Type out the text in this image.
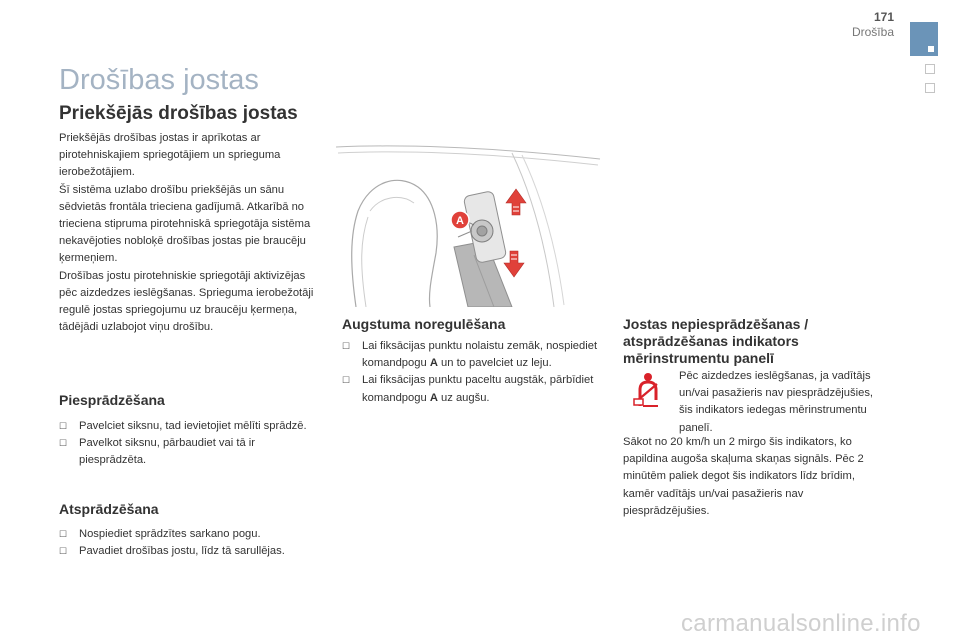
171
Drošība
Drošības jostas
Priekšējās drošības jostas

Priekšējās drošības jostas ir aprīkotas ar pirotehniskajiem spriegotājiem un sprieguma ierobežotājiem.

Šī sistēma uzlabo drošību priekšējās un sānu sēdvietās frontāla trieciena gadījumā. Atkarībā no trieciena stipruma pirotehniskā spriegotāja sistēma nekavējoties nobloķē drošības jostas pie braucēju ķermeņiem.

Drošības jostu pirotehniskie spriegotāji aktivizējas pēc aizdedzes ieslēgšanas. Sprieguma ierobežotāji regulē jostas spriegojumu uz braucēju ķermeņa, tādējādi uzlabojot viņu drošību.

Piesprādzēšana
☐ Pavelciet siksnu, tad ievietojiet mēlīti sprādzē.
☐ Pavelkot siksnu, pārbaudiet vai tā ir piesprādzēta.
Atsprādzēšana
☐ Nospiediet sprādzītes sarkano pogu.
☐ Pavadiet drošības jostu, līdz tā sarullējas.
A
Augstuma noregulēšana
☐ Lai fiksācijas punktu nolaistu zemāk, nospiediet komandpogu A un to pavelciet uz leju.
☐ Lai fiksācijas punktu paceltu augstāk, pārbīdiet komandpogu A uz augšu.
Jostas nepiesprādzēšanas / atsprādzēšanas indikators mērinstrumentu panelī

Pēc aizdedzes ieslēgšanas, ja vadītājs un/vai pasažieris nav piesprādzējušies, šis indikators iedegas mērinstrumentu panelī.

Sākot no 20 km/h un 2 mirgo šis indikators, ko papildina augoša skaļuma skaņas signāls. Pēc 2 minūtēm paliek degot šis indikators līdz brīdim, kamēr vadītājs un/vai pasažieris nav piesprādzējušies.

carmanualsonline.info
